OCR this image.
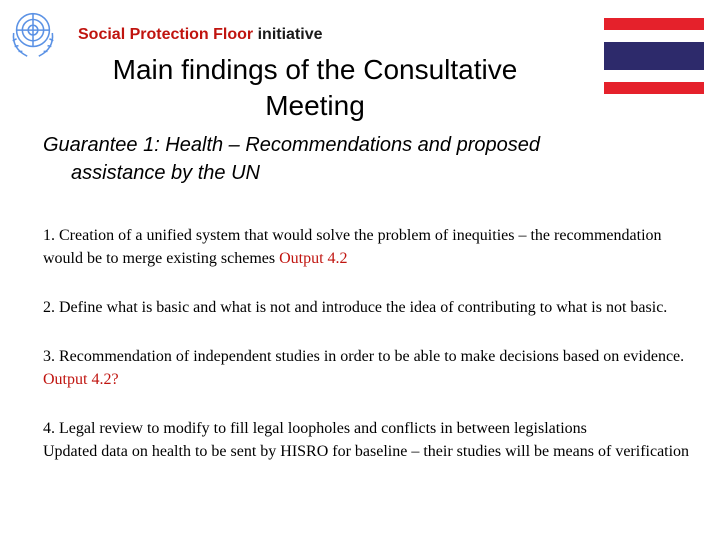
Social Protection Floor initiative
Main findings of the Consultative
Meeting
Guarantee 1: Health – Recommendations and proposed
assistance by the UN

1. Creation of a unified system that would solve the problem of inequities – the recommendation would be to merge existing schemes Output 4.2

2. Define what is basic and what is not and introduce the idea of contributing to what is not basic.

3. Recommendation of independent studies in order to be able to make decisions based on evidence. Output 4.2?

4. Legal review to modify to fill legal loopholes and conflicts in between legislations
Updated data on health to be sent by HISRO for baseline – their studies will be means of verification
